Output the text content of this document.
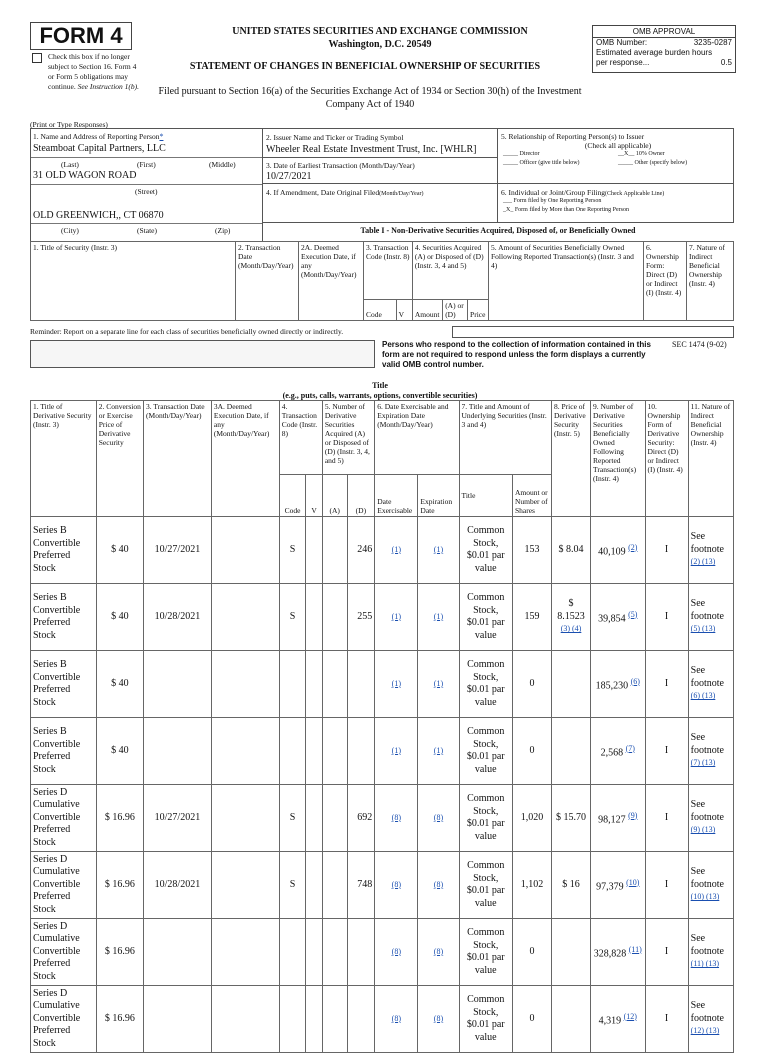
FORM 4
Check this box if no longer subject to Section 16. Form 4 or Form 5 obligations may continue. See Instruction 1(b).
UNITED STATES SECURITIES AND EXCHANGE COMMISSION
Washington, D.C. 20549
STATEMENT OF CHANGES IN BENEFICIAL OWNERSHIP OF SECURITIES
Filed pursuant to Section 16(a) of the Securities Exchange Act of 1934 or Section 30(h) of the Investment Company Act of 1940
OMB APPROVAL
OMB Number:	3235-0287
Estimated average burden hours
per response...	0.5
(Print or Type Responses)
1. Name and Address of Reporting Person*
Steamboat Capital Partners, LLC
(Last)	(First)	(Middle)
31 OLD WAGON ROAD
(Street)
OLD GREENWICH,, CT 06870
(City)	(State)	(Zip)
2. Issuer Name and Ticker or Trading Symbol
Wheeler Real Estate Investment Trust, Inc. [WHLR]
3. Date of Earliest Transaction (Month/Day/Year)
10/27/2021
4. If Amendment, Date Original Filed(Month/Day/Year)
5. Relationship of Reporting Person(s) to Issuer
(Check all applicable)
_____ Director	__X__ 10% Owner
_____ Officer (give title below)	_____ Other (specify below)
6. Individual or Joint/Group Filing(Check Applicable Line)
___ Form filed by One Reporting Person
_X_ Form filed by More than One Reporting Person
Table I - Non-Derivative Securities Acquired, Disposed of, or Beneficially Owned
1. Title of Security (Instr. 3)	2. Transaction Date (Month/Day/Year)	2A. Deemed Execution Date, if any (Month/Day/Year)	3. Transaction Code (Instr. 8)		4. Securities Acquired (A) or Disposed of (D) (Instr. 3, 4 and 5)			5. Amount of Securities Beneficially Owned Following Reported Transaction(s) (Instr. 3 and 4)	6. Ownership Form: Direct (D) or Indirect (I) (Instr. 4)	7. Nature of Indirect Beneficial Ownership (Instr. 4)
			Code	V	Amount	(A) or (D)	Price			
Reminder: Report on a separate line for each class of securities beneficially owned directly or indirectly.
Persons who respond to the collection of information contained in this form are not required to respond unless the form displays a currently valid OMB control number.
SEC 1474 (9-02)
Title
(e.g., puts, calls, warrants, options, convertible securities)
1. Title of Derivative Security (Instr. 3)	2. Conversion or Exercise Price of Derivative Security	3. Transaction Date (Month/Day/Year)	3A. Deemed Execution Date, if any (Month/Day/Year)	4. Transaction Code (Instr. 8)		5. Number of Derivative Securities Acquired (A) or Disposed of (D) (Instr. 3, 4, and 5)		6. Date Exercisable and Expiration Date (Month/Day/Year)		7. Title and Amount of Underlying Securities (Instr. 3 and 4)		8. Price of Derivative Security (Instr. 5)	9. Number of Derivative Securities Beneficially Owned Following Reported Transaction(s) (Instr. 4)	10. Ownership Form of Derivative Security: Direct (D) or Indirect (I) (Instr. 4)	11. Nature of Indirect Beneficial Ownership (Instr. 4)
				Code	V	(A)	(D)	Date Exercisable	Expiration Date	Title	Amount or Number of Shares				
Series B Convertible Preferred Stock	$ 40	10/27/2021		S			246	(1)	(1)	Common Stock, $0.01 par value	153	$ 8.04	40,109 $^{(2)}$	I	See footnote
(2) (13)
Series B Convertible Preferred Stock	$ 40	10/28/2021		S			255	(1)	(1)	Common Stock, $0.01 par value	159	$ 8.1523
(3) (4)	39,854 $^{(5)}$	I	See footnote
(5) (13)
Series B Convertible Preferred Stock	$ 40							(1)	(1)	Common Stock, $0.01 par value	0		185,230 $^{(6)}$	I	See footnote
(6) (13)
Series B Convertible Preferred Stock	$ 40							(1)	(1)	Common Stock, $0.01 par value	0		2,568 $^{(7)}$	I	See footnote
(7) (13)
Series D Cumulative Convertible Preferred Stock	$ 16.96	10/27/2021		S			692	(8)	(8)	Common Stock, $0.01 par value	1,020	$ 15.70	98,127 $^{(9)}$	I	See footnote
(9) (13)
Series D Cumulative Convertible Preferred Stock	$ 16.96	10/28/2021		S			748	(8)	(8)	Common Stock, $0.01 par value	1,102	$ 16	97,379 $^{(10)}$	I	See footnote
(10) (13)
Series D Cumulative Convertible Preferred Stock	$ 16.96							(8)	(8)	Common Stock, $0.01 par value	0		328,828 $^{(11)}$	I	See footnote
(11) (13)
Series D Cumulative Convertible Preferred Stock	$ 16.96							(8)	(8)	Common Stock, $0.01 par value	0		4,319 $^{(12)}$	I	See footnote
(12) (13)
